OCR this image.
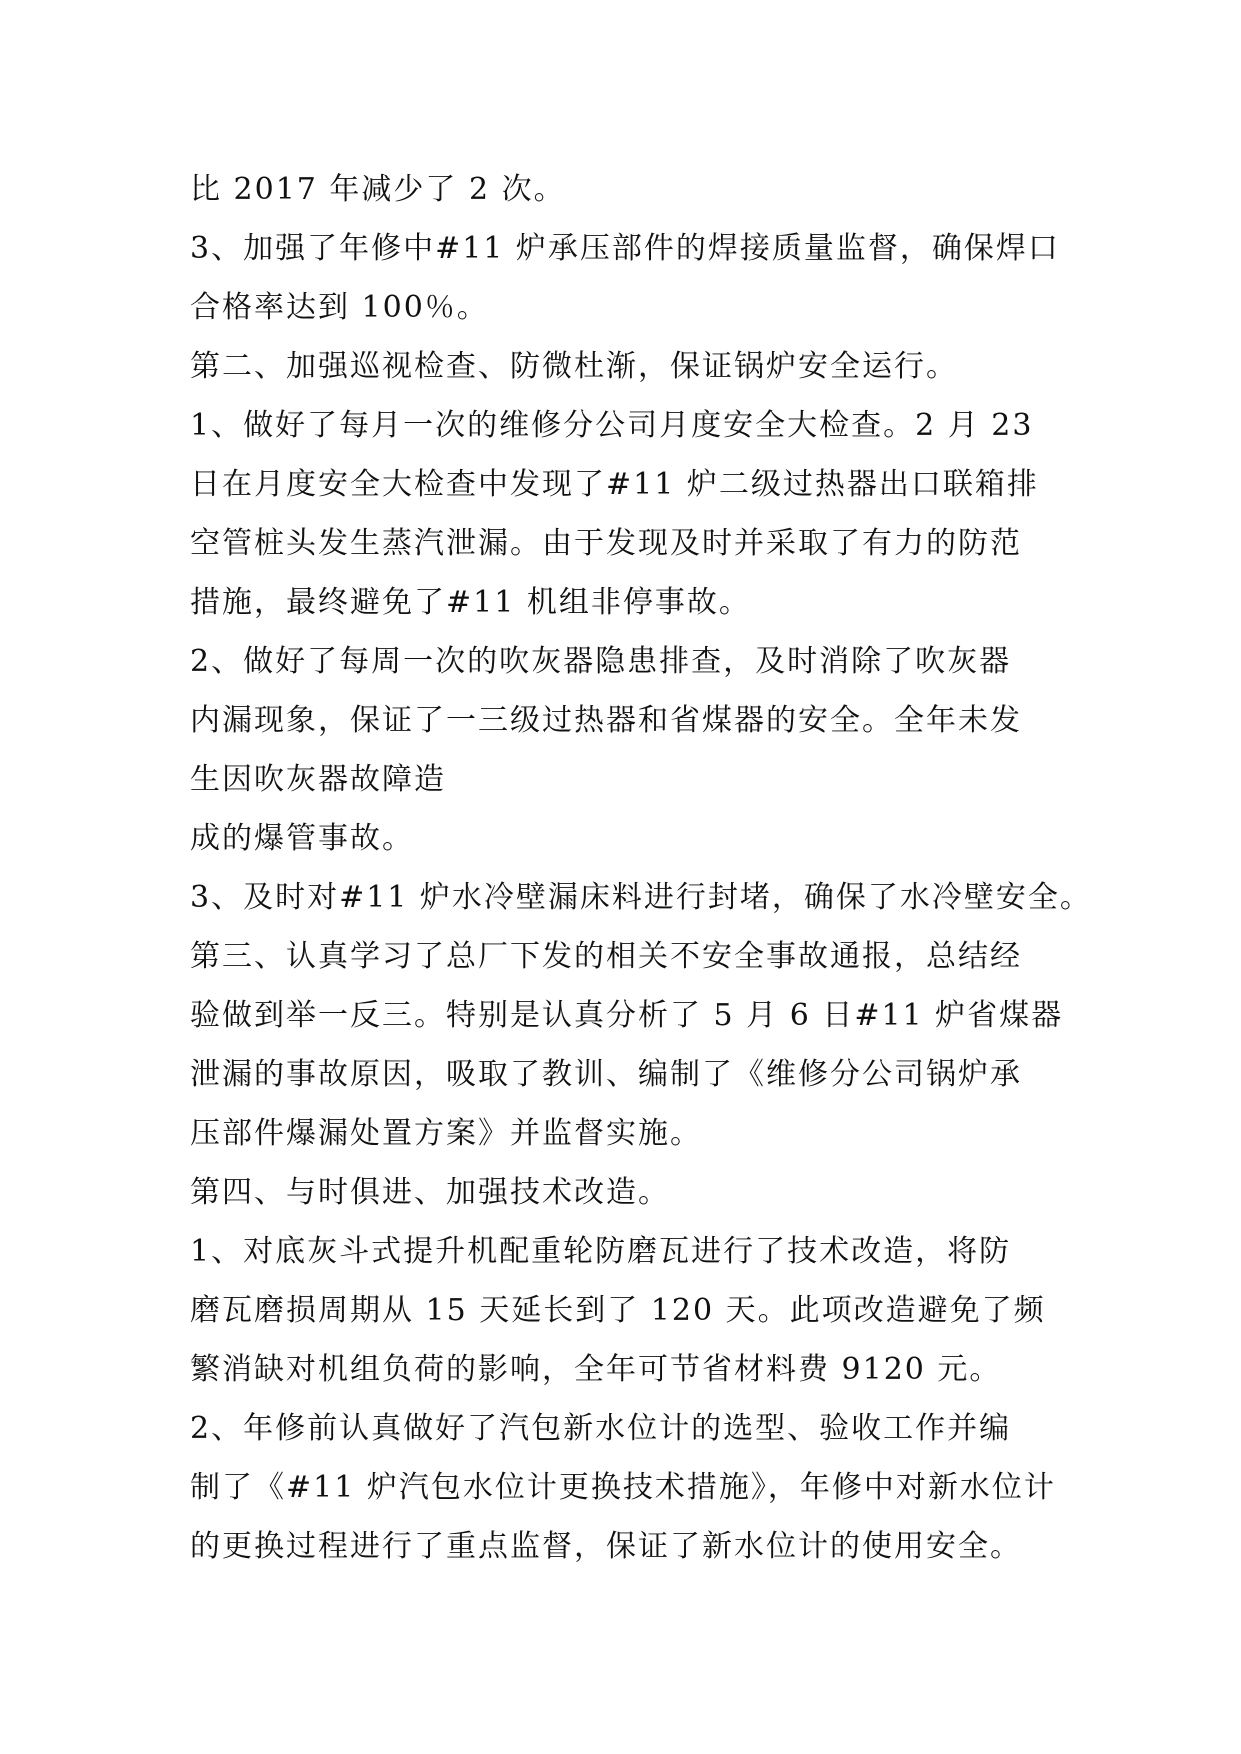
比 2017 年减少了 2 次。
3、加强了年修中#11 炉承压部件的焊接质量监督，确保焊口
合格率达到 100％。
第二、加强巡视检查、防微杜渐，保证锅炉安全运行。
1、做好了每月一次的维修分公司月度安全大检查。2 月 23
日在月度安全大检查中发现了#11 炉二级过热器出口联箱排
空管桩头发生蒸汽泄漏。由于发现及时并采取了有力的防范
措施，最终避免了#11 机组非停事故。
2、做好了每周一次的吹灰器隐患排查，及时消除了吹灰器
内漏现象，保证了一三级过热器和省煤器的安全。全年未发
生因吹灰器故障造
成的爆管事故。
3、及时对#11 炉水冷壁漏床料进行封堵，确保了水冷壁安全。
第三、认真学习了总厂下发的相关不安全事故通报，总结经
验做到举一反三。特别是认真分析了 5 月 6 日#11 炉省煤器
泄漏的事故原因，吸取了教训、编制了《维修分公司锅炉承
压部件爆漏处置方案》并监督实施。
第四、与时俱进、加强技术改造。
1、对底灰斗式提升机配重轮防磨瓦进行了技术改造，将防
磨瓦磨损周期从 15 天延长到了 120 天。此项改造避免了频
繁消缺对机组负荷的影响，全年可节省材料费 9120 元。
2、年修前认真做好了汽包新水位计的选型、验收工作并编
制了《#11 炉汽包水位计更换技术措施》，年修中对新水位计
的更换过程进行了重点监督，保证了新水位计的使用安全。
